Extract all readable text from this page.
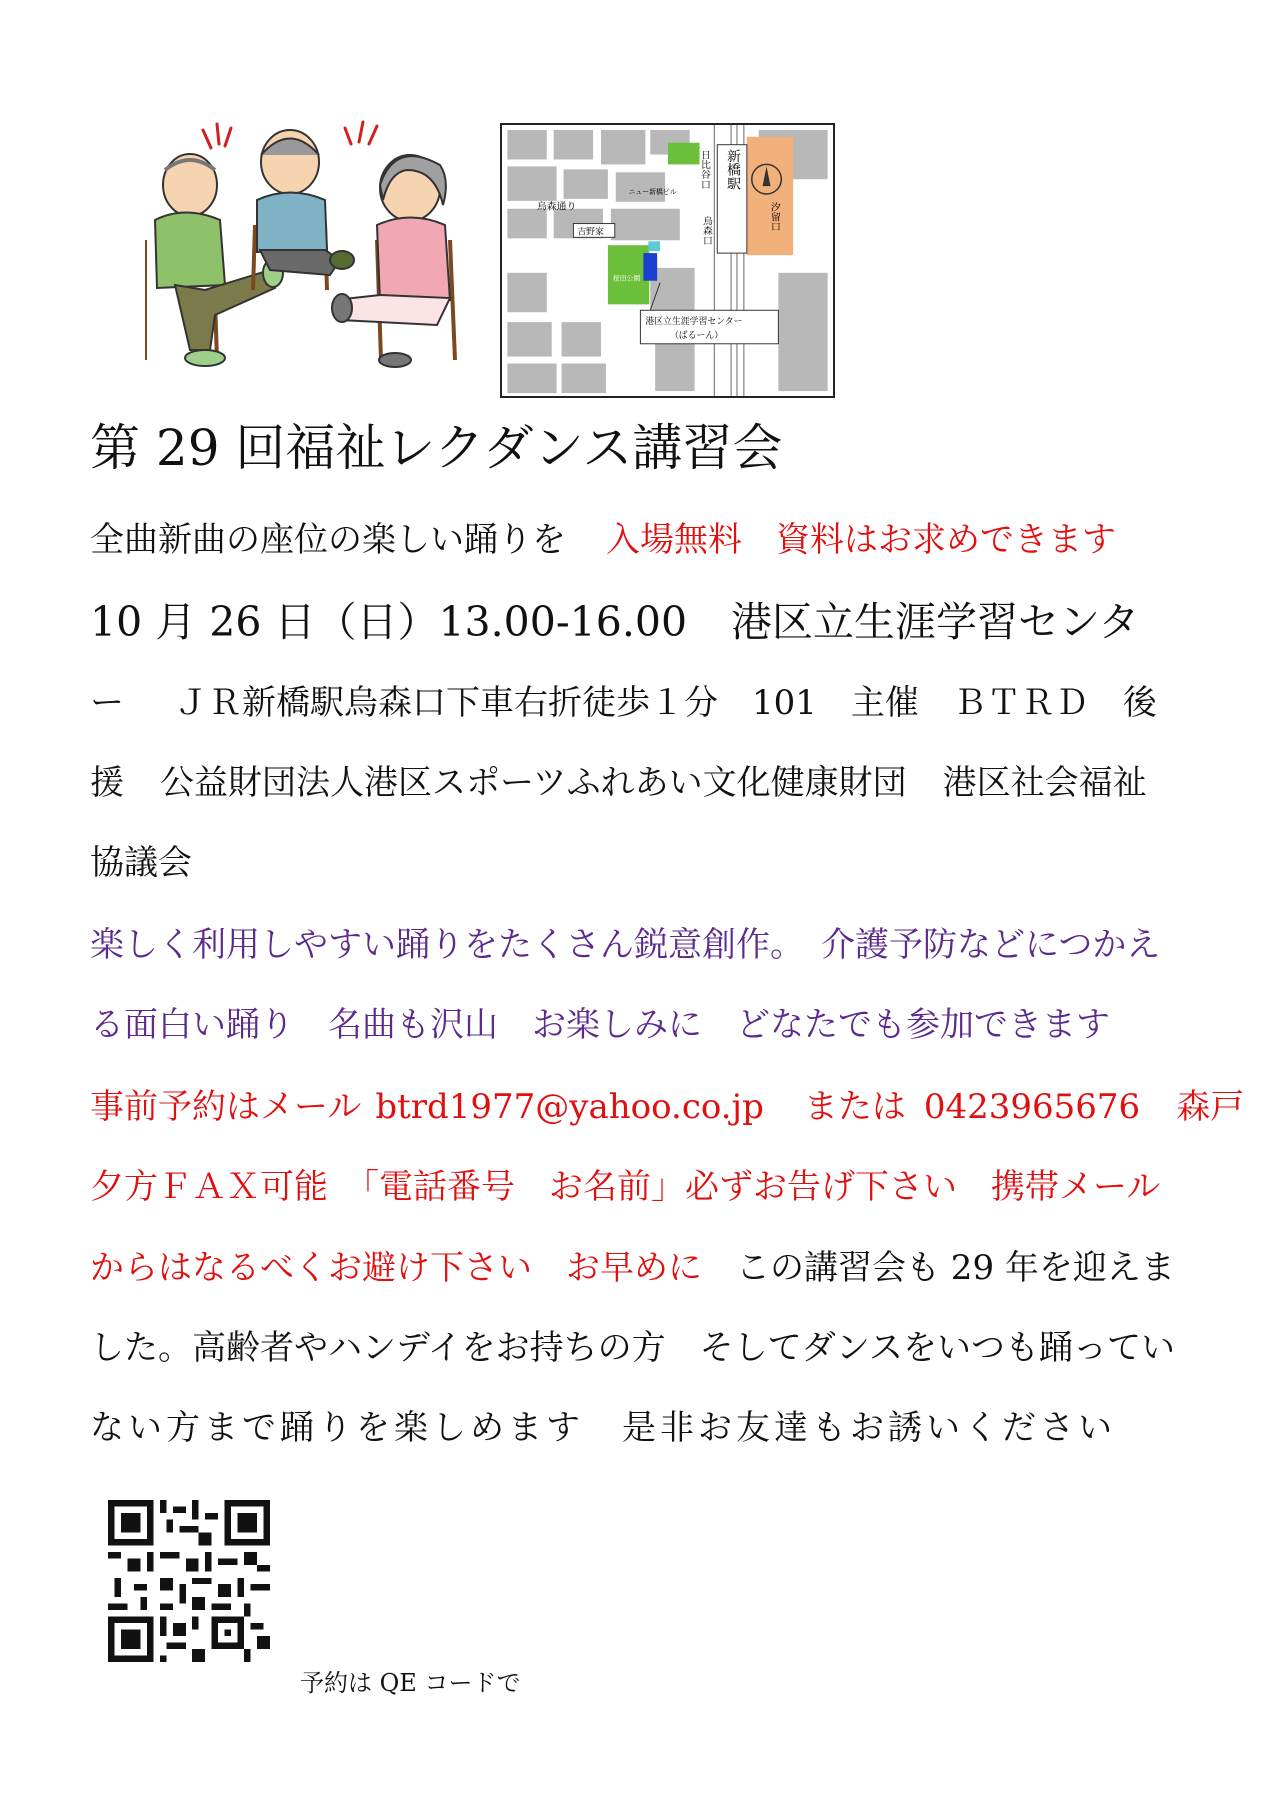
新橋駅
日比谷口
汐留口
烏森口
烏森通り
ニュー新橋ビル
吉野家
桜田公園
港区立生涯学習センター
（ばるーん）
第 29 回福祉レクダンス講習会
全曲新曲の座位の楽しい踊りを 入場無料　資料はお求めできます
10 月 26 日（日）13.00-16.00 港区立生涯学習センタ
ー ＪＲ新橋駅烏森口下車右折徒歩１分 101 主催 ＢＴＲＤ 後
援 公益財団法人港区スポーツふれあい文化健康財団 港区社会福祉
協議会
楽しく利用しやすい踊りをたくさん鋭意創作。　介護予防などにつかえ
る面白い踊り　名曲も沢山　お楽しみに　どなたでも参加できます
事前予約はメール btrd1977@yahoo.co.jp または 0423965676 森戸
夕方ＦＡＸ可能　「電話番号　お名前」必ずお告げ下さい　携帯メール
からはなるべくお避け下さい　お早めに この講習会も 29 年を迎えま
した。高齢者やハンデイをお持ちの方　そしてダンスをいつも踊ってい
ない方まで踊りを楽しめます　是非お友達もお誘いください
予約は QE コードで
